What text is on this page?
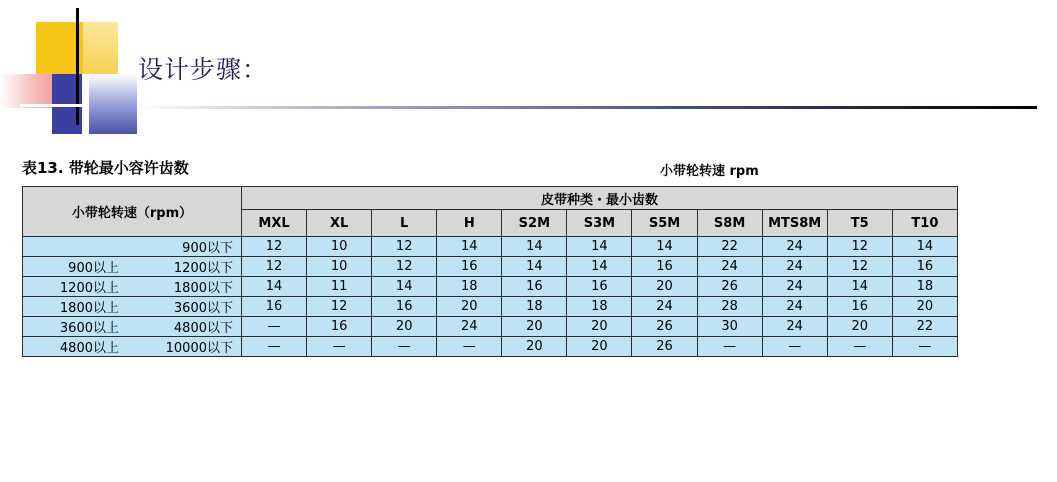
设计步骤：
表13. 带轮最小容许齿数	小带轮转速 rpm
小带轮转速（rpm）	皮带种类・最小齿数										
	MXL	XL	L	H	S2M	S3M	S5M	S8M	MTS8M	T5	T10

900以下	12	10	12	14	14	14	14	22	24	12	14

900以上 1200以下	12	10	12	16	14	14	16	24	24	12	16

1200以上 1800以下	14	11	14	18	16	16	20	26	24	14	18

1800以上 3600以下	16	12	16	20	18	18	24	28	24	16	20

3600以上 4800以下	—	16	20	24	20	20	26	30	24	20	22

4800以上 10000以下	—	—	—	—	20	20	26	—	—	—	—
